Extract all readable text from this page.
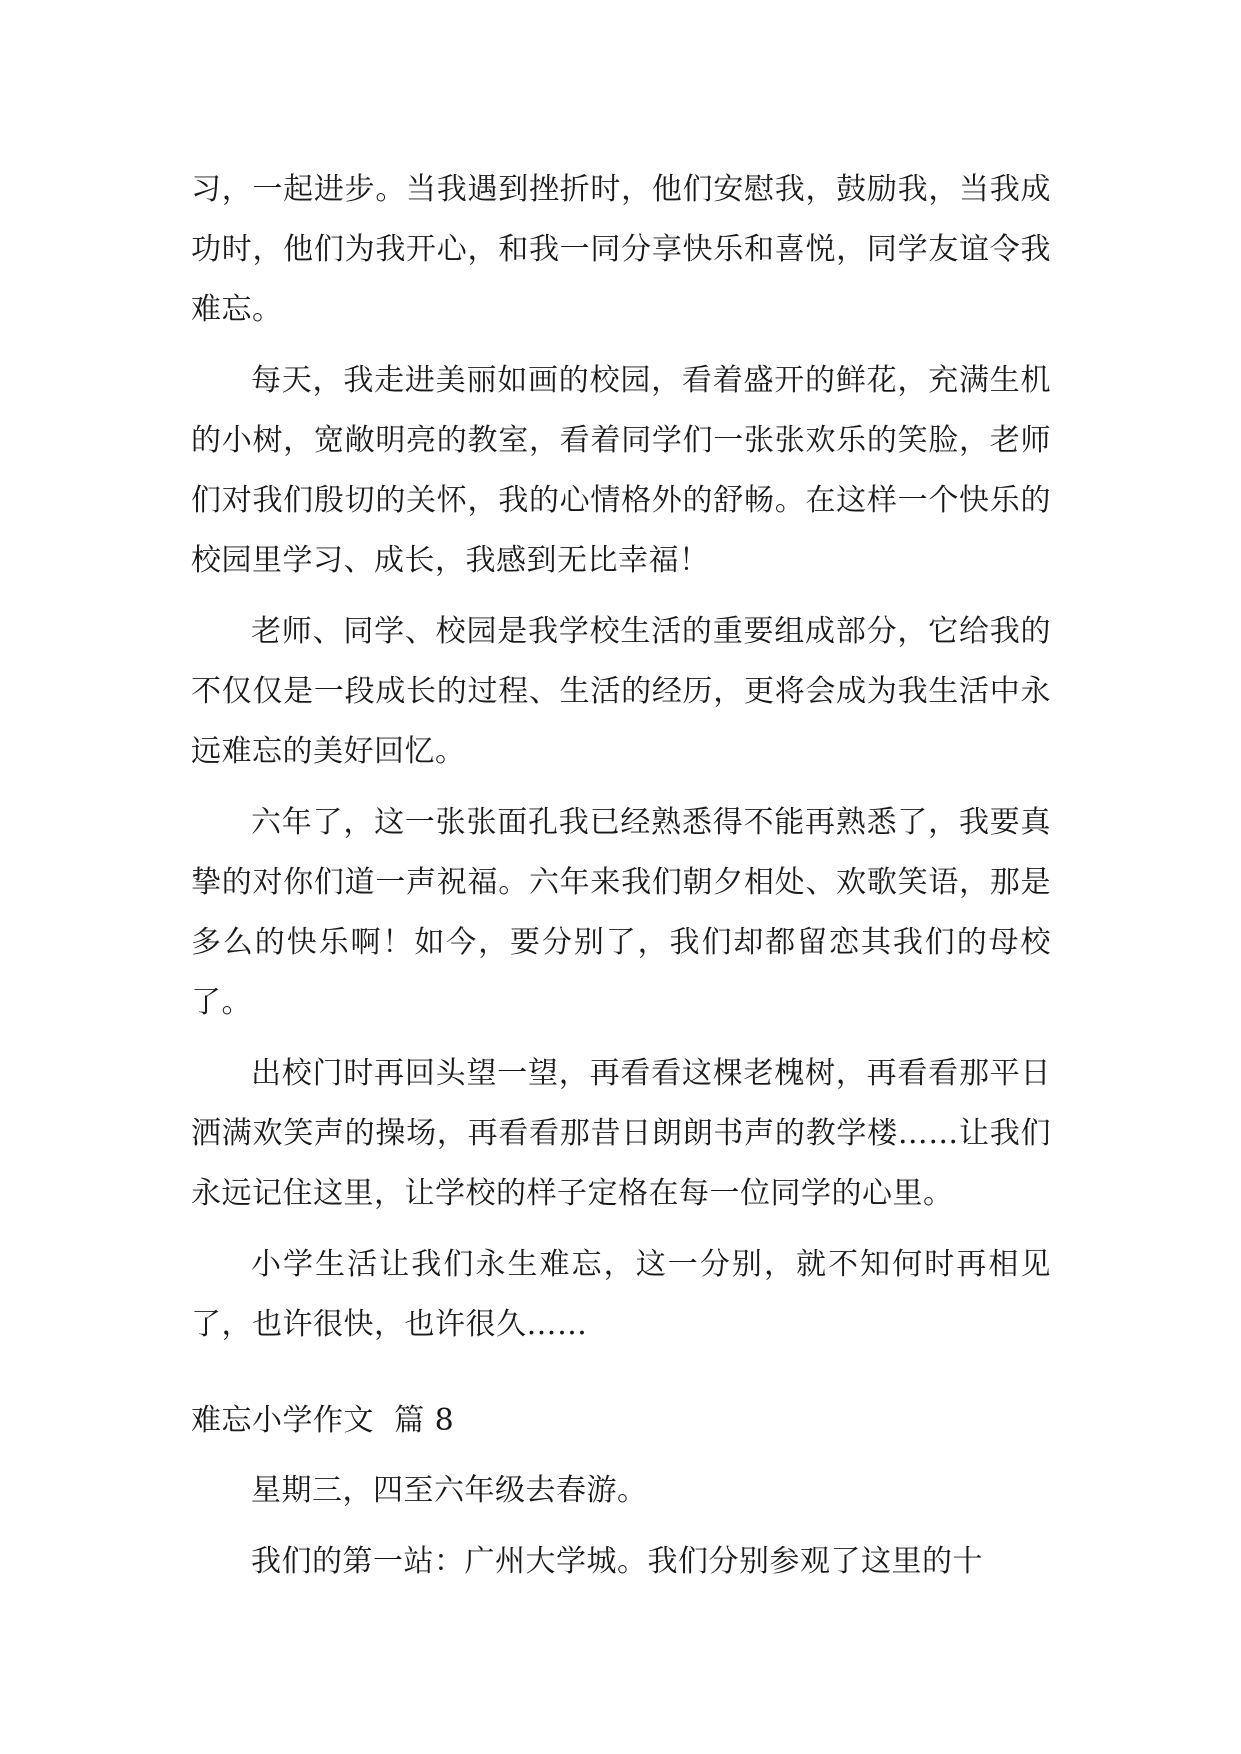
习，一起进步。当我遇到挫折时，他们安慰我，鼓励我，当我成功时，他们为我开心，和我一同分享快乐和喜悦，同学友谊令我难忘。

每天，我走进美丽如画的校园，看着盛开的鲜花，充满生机的小树，宽敞明亮的教室，看着同学们一张张欢乐的笑脸，老师们对我们殷切的关怀，我的心情格外的舒畅。在这样一个快乐的校园里学习、成长，我感到无比幸福！

老师、同学、校园是我学校生活的重要组成部分，它给我的不仅仅是一段成长的过程、生活的经历，更将会成为我生活中永远难忘的美好回忆。

六年了，这一张张面孔我已经熟悉得不能再熟悉了，我要真挚的对你们道一声祝福。六年来我们朝夕相处、欢歌笑语，那是多么的快乐啊！如今，要分别了，我们却都留恋其我们的母校了。

出校门时再回头望一望，再看看这棵老槐树，再看看那平日洒满欢笑声的操场，再看看那昔日朗朗书声的教学楼……让我们永远记住这里，让学校的样子定格在每一位同学的心里。

小学生活让我们永生难忘，这一分别，就不知何时再相见了，也许很快，也许很久……

难忘小学作文  篇 8

星期三，四至六年级去春游。

我们的第一站：广州大学城。我们分别参观了这里的十
